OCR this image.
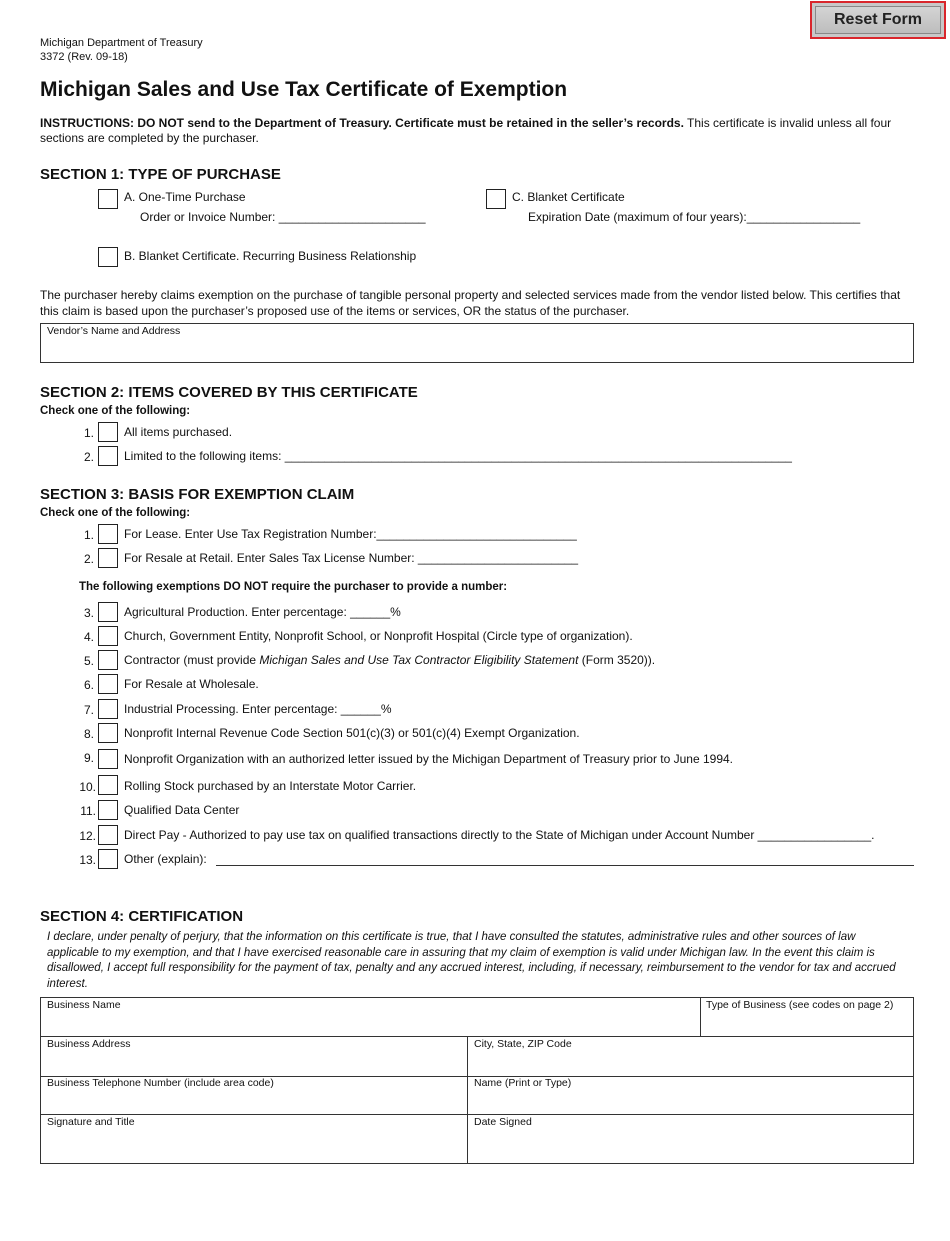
Michigan Department of Treasury
3372 (Rev. 09-18)
Reset Form
Michigan Sales and Use Tax Certificate of Exemption
INSTRUCTIONS: DO NOT send to the Department of Treasury. Certificate must be retained in the seller’s records. This certificate is invalid unless all four sections are completed by the purchaser.
SECTION 1: TYPE OF PURCHASE
A. One-Time Purchase
Order or Invoice Number: ______________________
C. Blanket Certificate
Expiration Date (maximum of four years):_________________
B. Blanket Certificate. Recurring Business Relationship
The purchaser hereby claims exemption on the purchase of tangible personal property and selected services made from the vendor listed below. This certifies that this claim is based upon the purchaser’s proposed use of the items or services, OR the status of the purchaser.
Vendor’s Name and Address
SECTION 2: ITEMS COVERED BY THIS CERTIFICATE
Check one of the following:
1.	All items purchased.
2.	Limited to the following items: ____________________________________________________________________________
SECTION 3: BASIS FOR EXEMPTION CLAIM
Check one of the following:
1.	For Lease. Enter Use Tax Registration Number:______________________________
2.	For Resale at Retail. Enter Sales Tax License Number: ________________________
The following exemptions DO NOT require the purchaser to provide a number:
3.	Agricultural Production. Enter percentage: ______%
4.	Church, Government Entity, Nonprofit School, or Nonprofit Hospital (Circle type of organization).
5.	Contractor (must provide Michigan Sales and Use Tax Contractor Eligibility Statement (Form 3520)).
6.	For Resale at Wholesale.
7.	Industrial Processing. Enter percentage: ______%
8.	Nonprofit Internal Revenue Code Section 501(c)(3) or 501(c)(4) Exempt Organization.
9.	Nonprofit Organization with an authorized letter issued by the Michigan Department of Treasury prior to June 1994.
10. Rolling Stock purchased by an Interstate Motor Carrier.
11. Qualified Data Center
12. Direct Pay - Authorized to pay use tax on qualified transactions directly to the State of Michigan under Account Number _________________.
13. Other (explain):
SECTION 4: CERTIFICATION
I declare, under penalty of perjury, that the information on this certificate is true, that I have consulted the statutes, administrative rules and other sources of law applicable to my exemption, and that I have exercised reasonable care in assuring that my claim of exemption is valid under Michigan law. In the event this claim is disallowed, I accept full responsibility for the payment of tax, penalty and any accrued interest, including, if necessary, reimbursement to the vendor for tax and accrued interest.
Business Name	Type of Business (see codes on page 2)
Business Address	City, State, ZIP Code
Business Telephone Number (include area code)	Name (Print or Type)
Signature and Title	Date Signed
